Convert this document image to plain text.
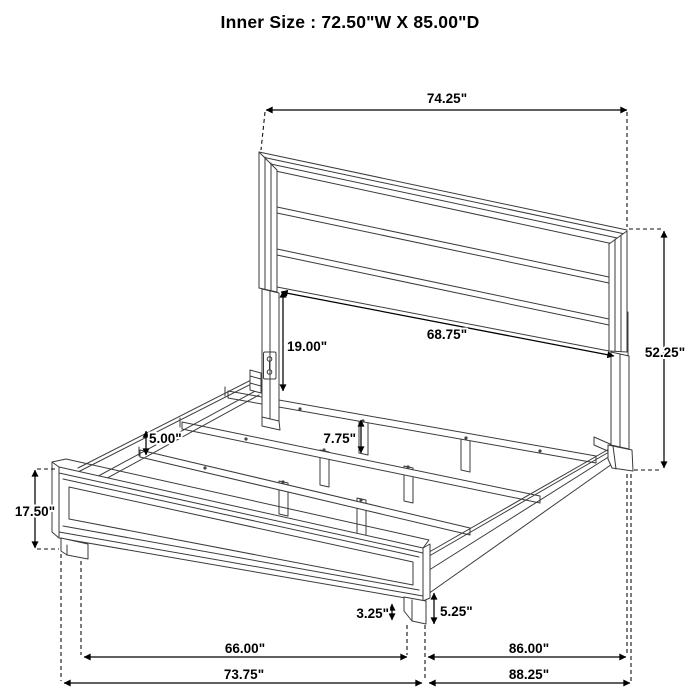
Inner Size : 72.50"W X 85.00"D
74.25"
68.75"
52.25"
19.00"
5.00"	7.75"
17.50"
3.25"	5.25"
66.00"
73.75"
86.00"
88.25"
